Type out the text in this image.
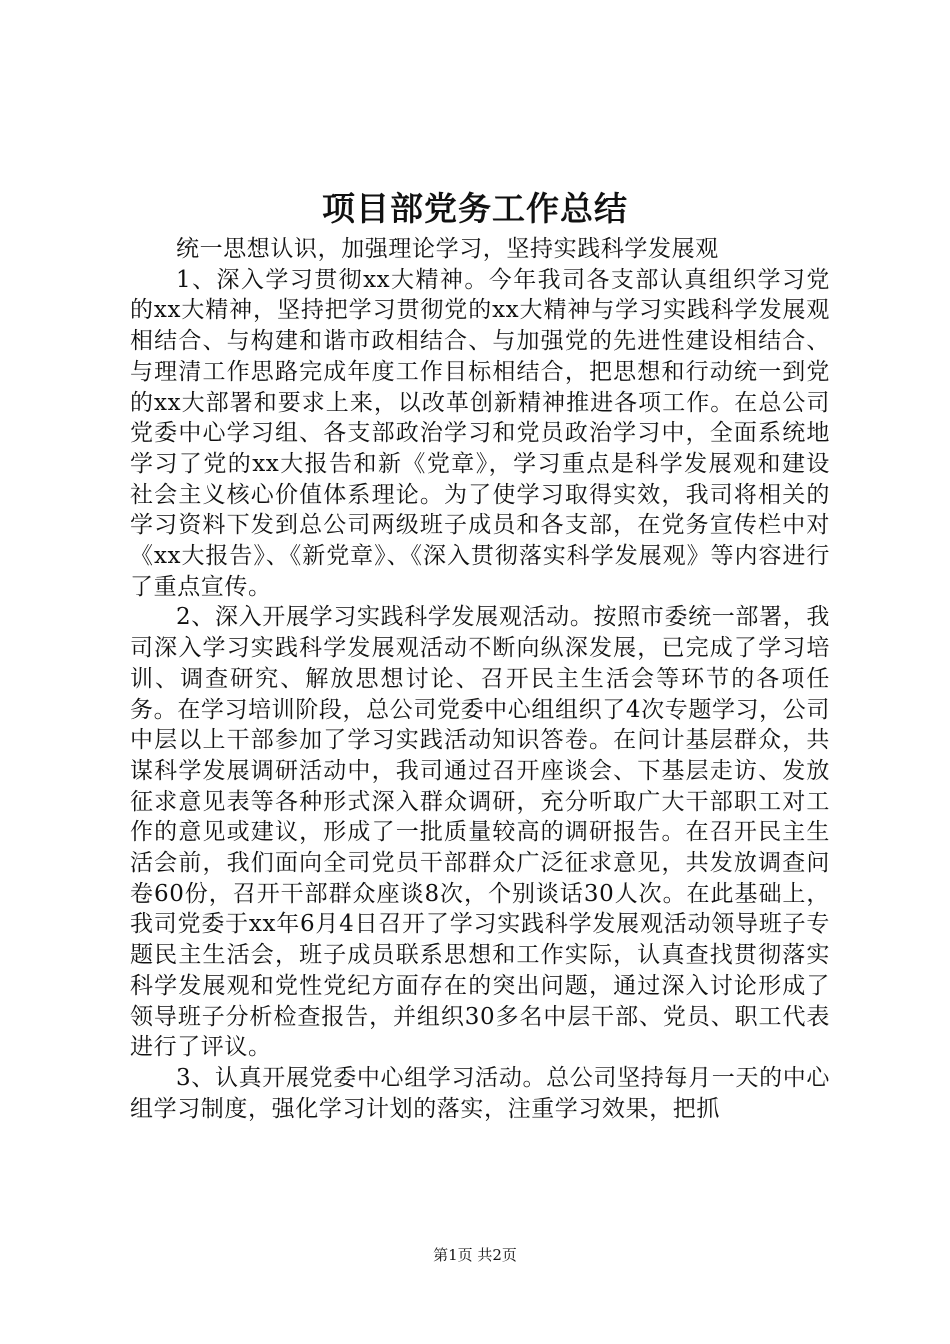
项目部党务工作总结

统一思想认识，加强理论学习，坚持实践科学发展观

1、深入学习贯彻xx大精神。今年我司各支部认真组织学习党的xx大精神，坚持把学习贯彻党的xx大精神与学习实践科学发展观相结合、与构建和谐市政相结合、与加强党的先进性建设相结合、与理清工作思路完成年度工作目标相结合，把思想和行动统一到党的xx大部署和要求上来，以改革创新精神推进各项工作。在总公司党委中心学习组、各支部政治学习和党员政治学习中，全面系统地学习了党的xx大报告和新《党章》，学习重点是科学发展观和建设社会主义核心价值体系理论。为了使学习取得实效，我司将相关的学习资料下发到总公司两级班子成员和各支部，在党务宣传栏中对《xx大报告》、《新党章》、《深入贯彻落实科学发展观》等内容进行了重点宣传。

2、深入开展学习实践科学发展观活动。按照市委统一部署，我司深入学习实践科学发展观活动不断向纵深发展，已完成了学习培训、调查研究、解放思想讨论、召开民主生活会等环节的各项任务。在学习培训阶段，总公司党委中心组组织了4次专题学习，公司中层以上干部参加了学习实践活动知识答卷。在问计基层群众，共谋科学发展调研活动中，我司通过召开座谈会、下基层走访、发放征求意见表等各种形式深入群众调研，充分听取广大干部职工对工作的意见或建议，形成了一批质量较高的调研报告。在召开民主生活会前，我们面向全司党员干部群众广泛征求意见，共发放调查问卷60份，召开干部群众座谈8次，个别谈话30人次。在此基础上，我司党委于xx年6月4日召开了学习实践科学发展观活动领导班子专题民主生活会，班子成员联系思想和工作实际，认真查找贯彻落实科学发展观和党性党纪方面存在的突出问题，通过深入讨论形成了领导班子分析检查报告，并组织30多名中层干部、党员、职工代表进行了评议。

3、认真开展党委中心组学习活动。总公司坚持每月一天的中心组学习制度，强化学习计划的落实，注重学习效果，把抓

第1页 共2页
